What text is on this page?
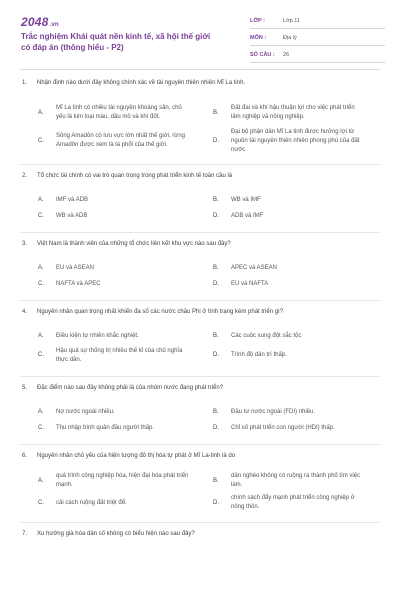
2048.vn
Trắc nghiệm Khái quát nền kinh tế, xã hội thế giới có đáp án (thông hiểu - P2)
LỚP :	Lớp 11
MÔN :	Địa lý
SỐ CÂU :	26
1.	Nhận định nào dưới đây không chính xác về tài nguyên thiên nhiên Mĩ La tinh.
A.
Mĩ La tinh có nhiều tài nguyên khoáng sản, chủ yếu là kim loại màu, dầu mỏ và khí đốt.
B.
Đất đai và khí hậu thuận lợi cho việc phát triển lâm nghiệp và nông nghiệp.
C.
Sông Amadôn có lưu vực lớn nhất thế giới, rừng Amadôn được xem là lá phổi của thế giới.
D.
Đại bộ phận dân Mĩ La tinh được hưởng lợi từ nguồn tài nguyên thiên nhiên phong phú của đất nước
2.	Tổ chức tài chính có vai trò quan trọng trong phát triển kinh tế toàn cầu là
A.	IMF và ADB	B.	WB và IMF
C.	WB và ADB	D.	ADB và IMF
3.	Việt Nam là thành viên của những tổ chức liên kết khu vực nào sau đây?
A.	EU và ASEAN	B.	APEC và ASEAN
C.	NAFTA và APEC	D.	EU và NAFTA
4.	Nguyên nhân quan trọng nhất khiến đa số các nước châu Phi ở tình trạng kém phát triển gì?
A.	Điều kiện tự nhiên khắc nghiệt.	B.	Các cuộc xung đột sắc tộc
C.
Hậu quả sự thống trị nhiều thế kỉ của chủ nghĩa thực dân.
D.	Trình độ dân trí thấp.
5.	Đặc điểm nào sau đây không phải là của nhóm nước đang phát triển?
A.	Nợ nước ngoài nhiều.	B.	Đầu tư nước ngoài (FDI) nhiều.
C.	Thu nhập bình quân đầu người thấp.	D.	Chỉ số phát triển con người (HDI) thấp.
6.	Nguyên nhân chủ yếu của hiện tượng đô thị hóa tự phát ở Mĩ La-tinh là do
A.
quá trình công nghiệp hóa, hiện đại hóa phát triển mạnh.
B.
dân nghèo không có ruộng ra thành phố tìm việc làm.
C.	cải cách ruộng đất triệt để.	D.
chính sách đẩy mạnh phát triển công nghiệp ở nông thôn.
7.	Xu hướng già hóa dân số không có biểu hiện nào sau đây?
